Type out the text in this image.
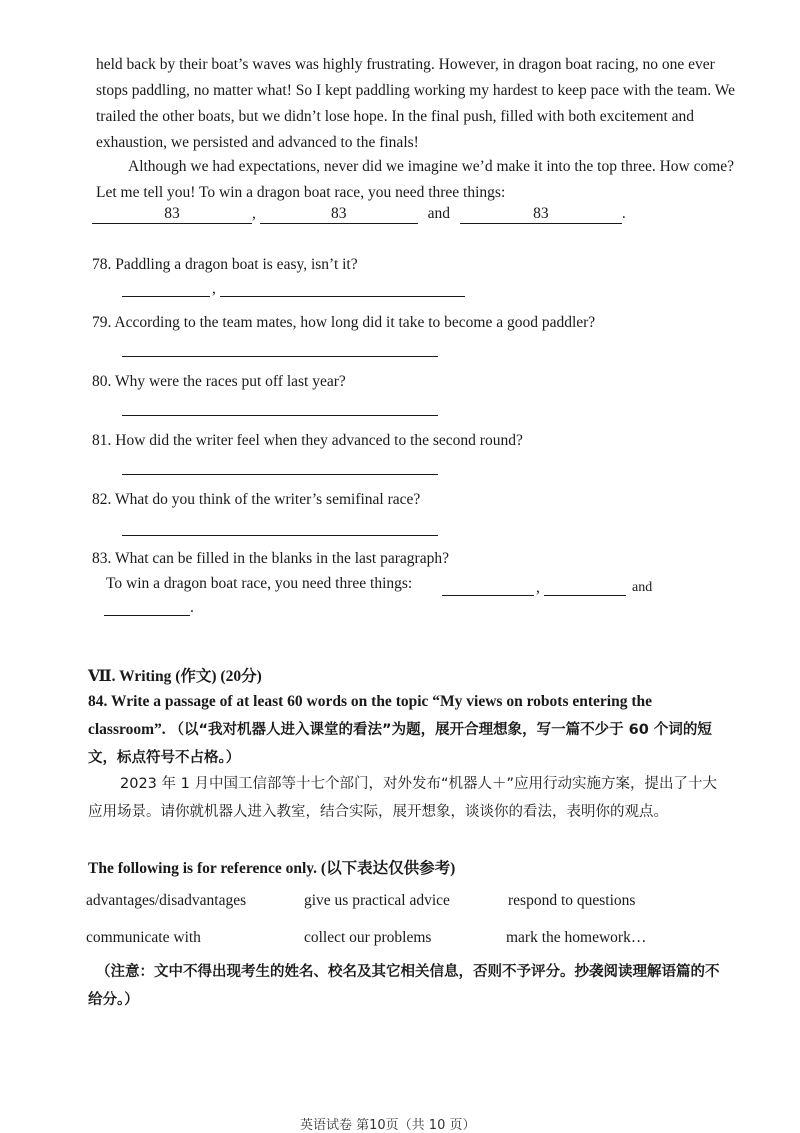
held back by their boat’s waves was highly frustrating. However, in dragon boat racing, no one ever stops paddling, no matter what! So I kept paddling working my hardest to keep pace with the team. We trailed the other boats, but we didn’t lose hope. In the final push, filled with both excitement and exhaustion, we persisted and advanced to the finals!
Although we had expectations, never did we imagine we’d make it into the top three. How come? Let me tell you! To win a dragon boat race, you need three things:
83	,	83	and	83	.
78. Paddling a dragon boat is easy, isn’t it?
,
79. According to the team mates, how long did it take to become a good paddler?
80. Why were the races put off last year?
81. How did the writer feel when they advanced to the second round?
82. What do you think of the writer’s semifinal race?
83. What can be filled in the blanks in the last paragraph?
To win a dragon boat race, you need three things:	,	and
.
Ⅶ. Writing (作文) (20分)
84. Write a passage of at least 60 words on the topic “My views on robots entering the classroom”. （以“我对机器人进入课堂的看法”为题，展开合理想象，写一篇不少于 60 个词的短文，标点符号不占格。）
2023 年 1 月中国工信部等十七个部门，对外发布“机器人＋”应用行动实施方案，提出了十大应用场景。请你就机器人进入教室，结合实际，展开想象，谈谈你的看法，表明你的观点。
The following is for reference only. (以下表达仅供参考)
advantages/disadvantages	give us practical advice	respond to questions
communicate with	collect our problems	mark the homework…
（注意：文中不得出现考生的姓名、校名及其它相关信息，否则不予评分。抄袭阅读理解语篇的不给分。）
英语试卷 第10页（共 10 页）
